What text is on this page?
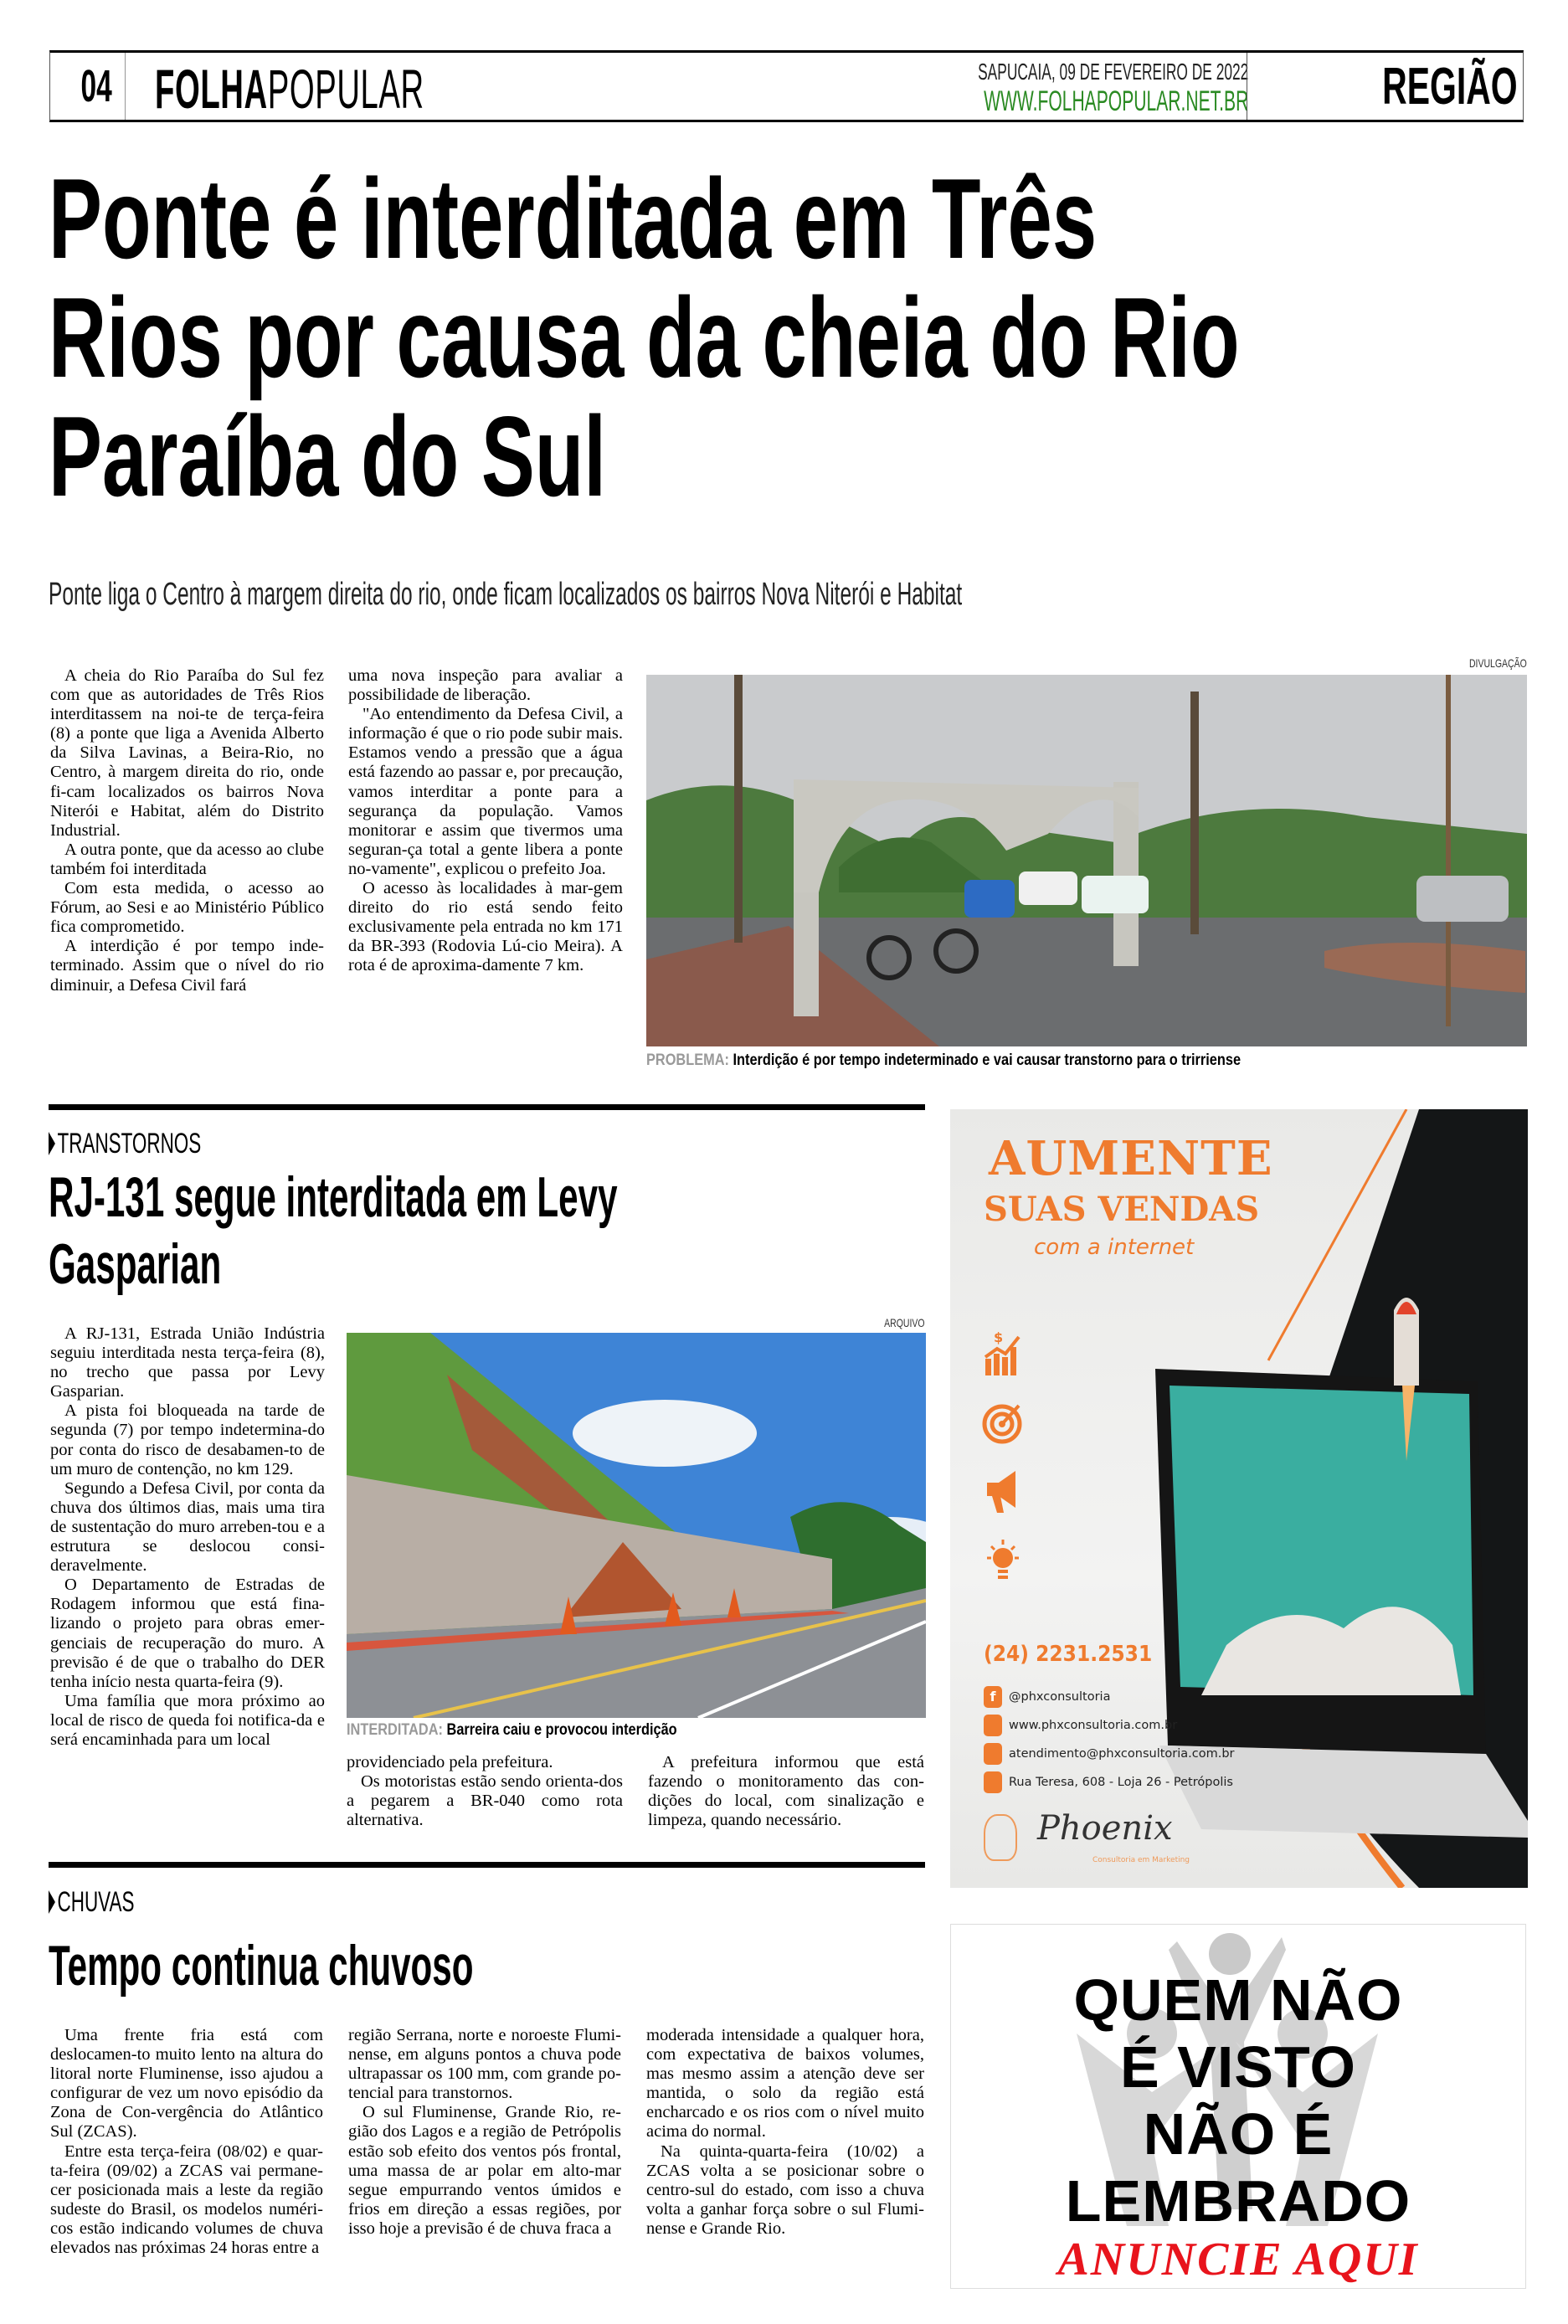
04 FOLHAPOPULAR	SAPUCAIA, 09 DE FEVEREIRO DE 2022
WWW.FOLHAPOPULAR.NET.BR	REGIÃO
Ponte é interditada em Três
Rios por causa da cheia do Rio
Paraíba do Sul
Ponte liga o Centro à margem direita do rio, onde ficam localizados os bairros Nova Niterói e Habitat

A cheia do Rio Paraíba do Sul fez com que as autoridades de Três Rios interditassem na noi-te de terça-feira (8) a ponte que liga a Avenida Alberto da Silva Lavinas, a Beira-Rio, no Centro, à margem direita do rio, onde fi-cam localizados os bairros Nova Niterói e Habitat, além do Distrito Industrial.

A outra ponte, que da acesso ao clube também foi interditada

Com esta medida, o acesso ao Fórum, ao Sesi e ao Ministério Público fica comprometido.

A interdição é por tempo inde-terminado. Assim que o nível do rio diminuir, a Defesa Civil fará

uma nova inspeção para avaliar a possibilidade de liberação.

"Ao entendimento da Defesa Civil, a informação é que o rio pode subir mais. Estamos vendo a pressão que a água está fazendo ao passar e, por precaução, vamos interditar a ponte para a segurança da população. Vamos monitorar e assim que tivermos uma seguran-ça total a gente libera a ponte no-vamente", explicou o prefeito Joa.

O acesso às localidades à mar-gem direito do rio está sendo feito exclusivamente pela entrada no km 171 da BR-393 (Rodovia Lú-cio Meira). A rota é de aproxima-damente 7 km.

DIVULGAÇÃO
PROBLEMA: Interdição é por tempo indeterminado e vai causar transtorno para o trirriense
TRANSTORNOS
RJ-131 segue interditada em Levy
Gasparian

A RJ-131, Estrada União Indústria seguiu interditada nesta terça-feira (8), no trecho que passa por Levy Gasparian.

A pista foi bloqueada na tarde de segunda (7) por tempo indetermina-do por conta do risco de desabamen-to de um muro de contenção, no km 129.

Segundo a Defesa Civil, por conta da chuva dos últimos dias, mais uma tira de sustentação do muro arreben-tou e a estrutura se deslocou consi-deravelmente.

O Departamento de Estradas de Rodagem informou que está fina-lizando o projeto para obras emer-genciais de recuperação do muro. A previsão é de que o trabalho do DER tenha início nesta quarta-feira (9).

Uma família que mora próximo ao local de risco de queda foi notifica-da e será encaminhada para um local

ARQUIVO
INTERDITADA: Barreira caiu e provocou interdição

providenciado pela prefeitura.

Os motoristas estão sendo orienta-dos a pegarem a BR-040 como rota alternativa.

A prefeitura informou que está fazendo o monitoramento das con-dições do local, com sinalização e limpeza, quando necessário.

CHUVAS
Tempo continua chuvoso

Uma frente fria está com deslocamen-to muito lento na altura do litoral norte Fluminense, isso ajudou a configurar de vez um novo episódio da Zona de Con-vergência do Atlântico Sul (ZCAS).

Entre esta terça-feira (08/02) e quar-ta-feira (09/02) a ZCAS vai permane-cer posicionada mais a leste da região sudeste do Brasil, os modelos numéri-cos estão indicando volumes de chuva elevados nas próximas 24 horas entre a

região Serrana, norte e noroeste Flumi-nense, em alguns pontos a chuva pode ultrapassar os 100 mm, com grande po-tencial para transtornos.

O sul Fluminense, Grande Rio, re-gião dos Lagos e a região de Petrópolis estão sob efeito dos ventos pós frontal, uma massa de ar polar em alto-mar segue empurrando ventos úmidos e frios em direção a essas regiões, por isso hoje a previsão é de chuva fraca a

moderada intensidade a qualquer hora, com expectativa de baixos volumes, mas mesmo assim a atenção deve ser mantida, o solo da região está encharcado e os rios com o nível muito acima do normal.

Na quinta-quarta-feira (10/02) a ZCAS volta a se posicionar sobre o centro-sul do estado, com isso a chuva volta a ganhar força sobre o sul Flumi-nense e Grande Rio.

AUMENTE
SUAS VENDAS
com a internet
$
(24) 2231.2531
f	@phxconsultoria
www.phxconsultoria.com.br
atendimento@phxconsultoria.com.br
Rua Teresa, 608 - Loja 26 - Petrópolis
Phoenix
Consultoria em Marketing
QUEM NÃO
É VISTO
NÃO É
LEMBRADO
ANUNCIE AQUI
